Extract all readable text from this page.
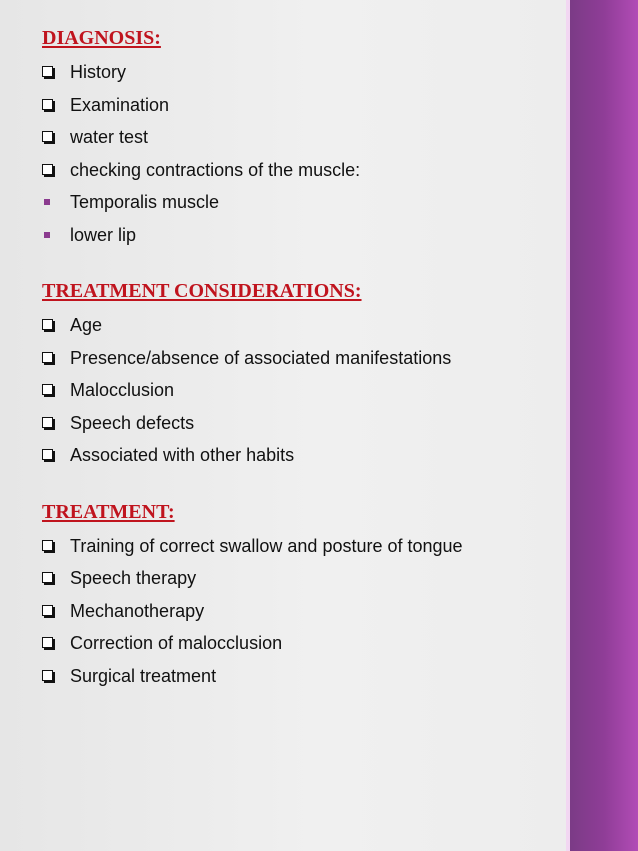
DIAGNOSIS:
History
Examination
water test
checking contractions of the muscle:
Temporalis muscle
lower lip
TREATMENT CONSIDERATIONS:
Age
Presence/absence of associated manifestations
Malocclusion
Speech defects
Associated with other habits
TREATMENT:
Training of correct swallow and posture of tongue
Speech therapy
Mechanotherapy
Correction of malocclusion
Surgical treatment
